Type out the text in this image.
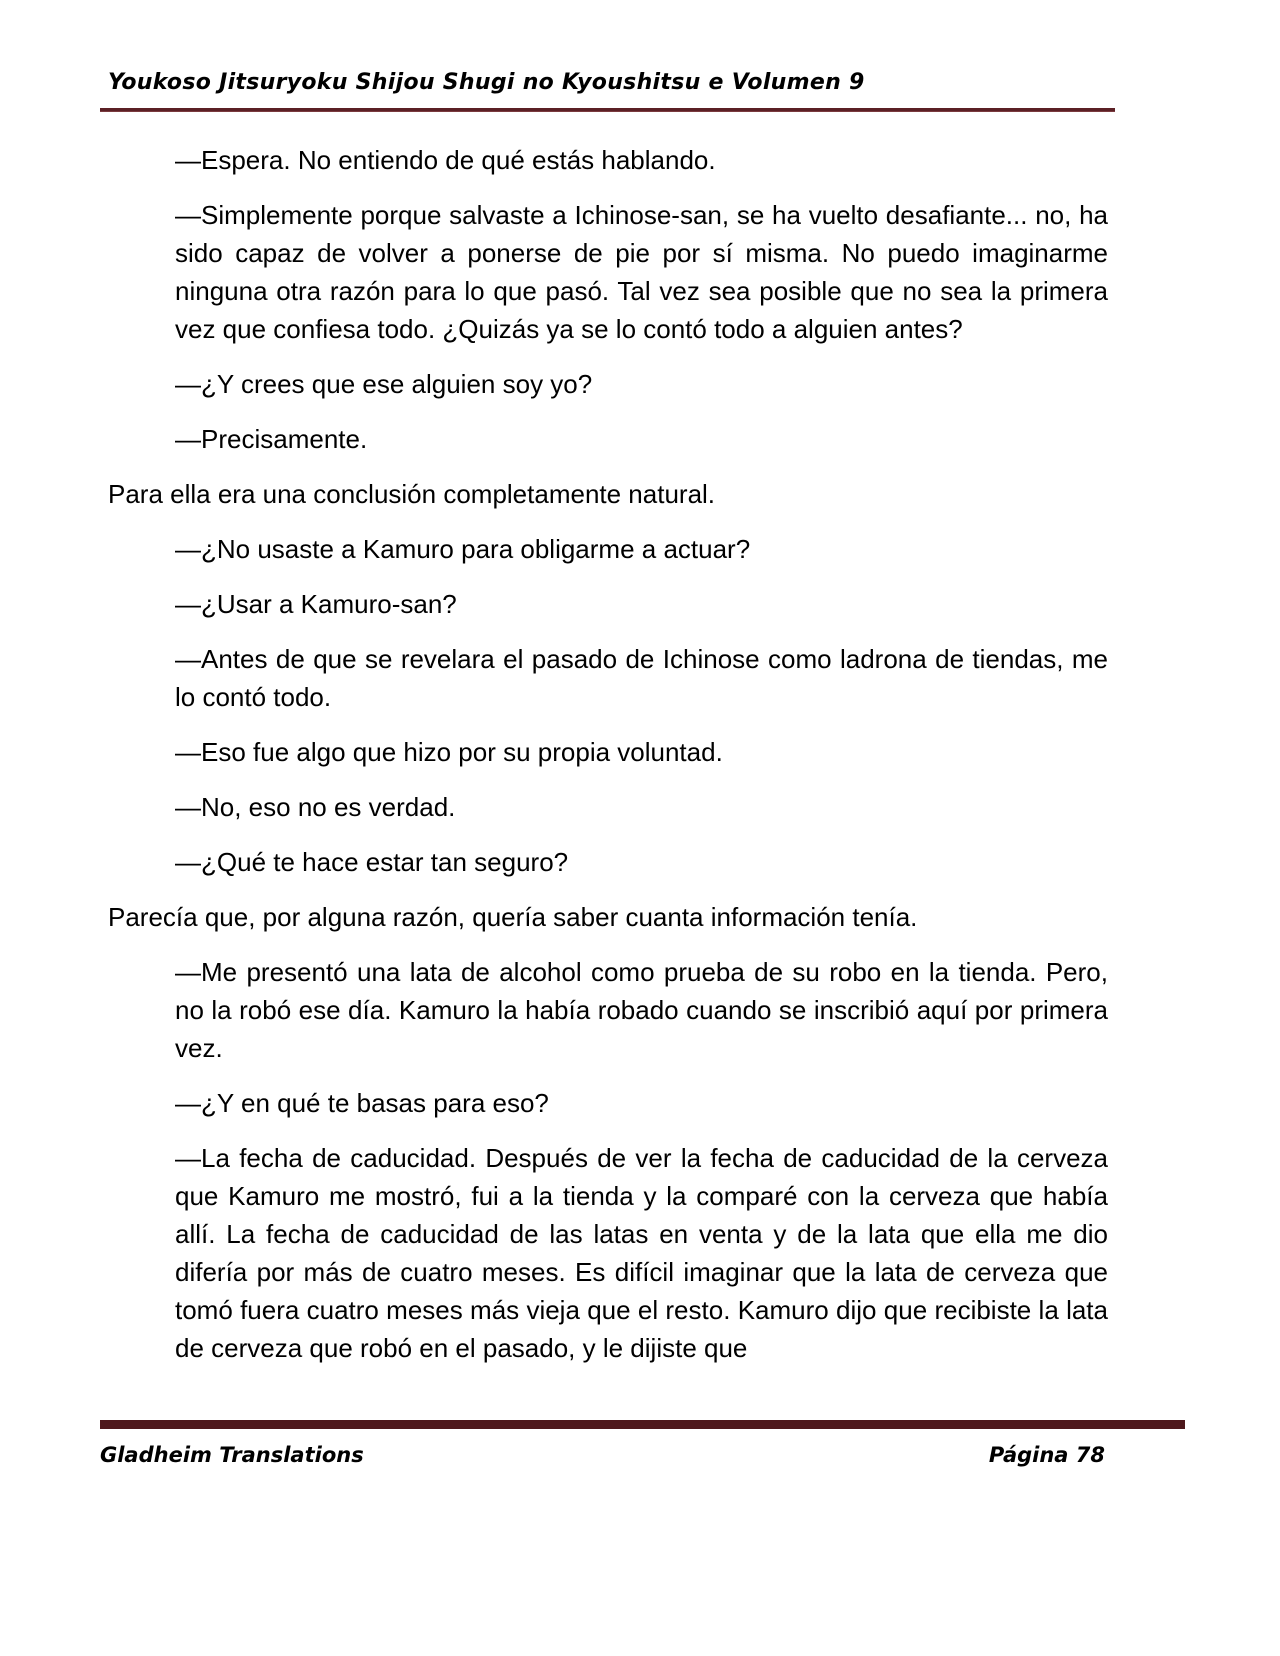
Youkoso Jitsuryoku Shijou Shugi no Kyoushitsu e Volumen 9

—Espera. No entiendo de qué estás hablando.

—Simplemente porque salvaste a Ichinose-san, se ha vuelto desafiante... no, ha sido capaz de volver a ponerse de pie por sí misma. No puedo imaginarme ninguna otra razón para lo que pasó. Tal vez sea posible que no sea la primera vez que confiesa todo. ¿Quizás ya se lo contó todo a alguien antes?

—¿Y crees que ese alguien soy yo?

—Precisamente.

Para ella era una conclusión completamente natural.

—¿No usaste a Kamuro para obligarme a actuar?

—¿Usar a Kamuro-san?

—Antes de que se revelara el pasado de Ichinose como ladrona de tiendas, me lo contó todo.

—Eso fue algo que hizo por su propia voluntad.

—No, eso no es verdad.

—¿Qué te hace estar tan seguro?

Parecía que, por alguna razón, quería saber cuanta información tenía.

—Me presentó una lata de alcohol como prueba de su robo en la tienda. Pero, no la robó ese día. Kamuro la había robado cuando se inscribió aquí por primera vez.

—¿Y en qué te basas para eso?

—La fecha de caducidad. Después de ver la fecha de caducidad de la cerveza que Kamuro me mostró, fui a la tienda y la comparé con la cerveza que había allí. La fecha de caducidad de las latas en venta y de la lata que ella me dio difería por más de cuatro meses. Es difícil imaginar que la lata de cerveza que tomó fuera cuatro meses más vieja que el resto. Kamuro dijo que recibiste la lata de cerveza que robó en el pasado, y le dijiste que

Gladheim Translations	Página 78
